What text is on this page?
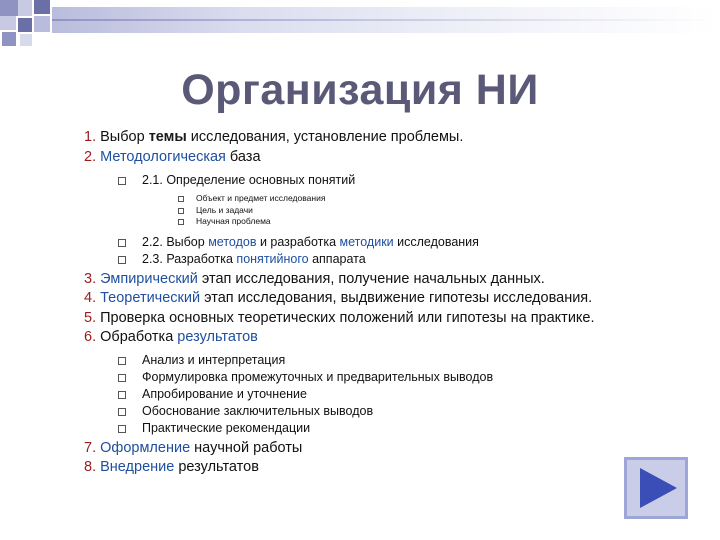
Организация НИ
1. Выбор темы исследования, установление проблемы.
2. Методологическая база
2.1. Определение основных понятий
Объект и предмет исследования
Цель и задачи
Научная проблема
2.2. Выбор методов и разработка методики исследования
2.3. Разработка понятийного аппарата
3. Эмпирический этап исследования, получение начальных данных.
4. Теоретический этап исследования, выдвижение гипотезы исследования.
5. Проверка основных теоретических положений или гипотезы на практике.
6. Обработка результатов
Анализ и интерпретация
Формулировка промежуточных и предварительных выводов
Апробирование и уточнение
Обоснование заключительных выводов
Практические рекомендации
7. Оформление научной работы
8. Внедрение результатов
